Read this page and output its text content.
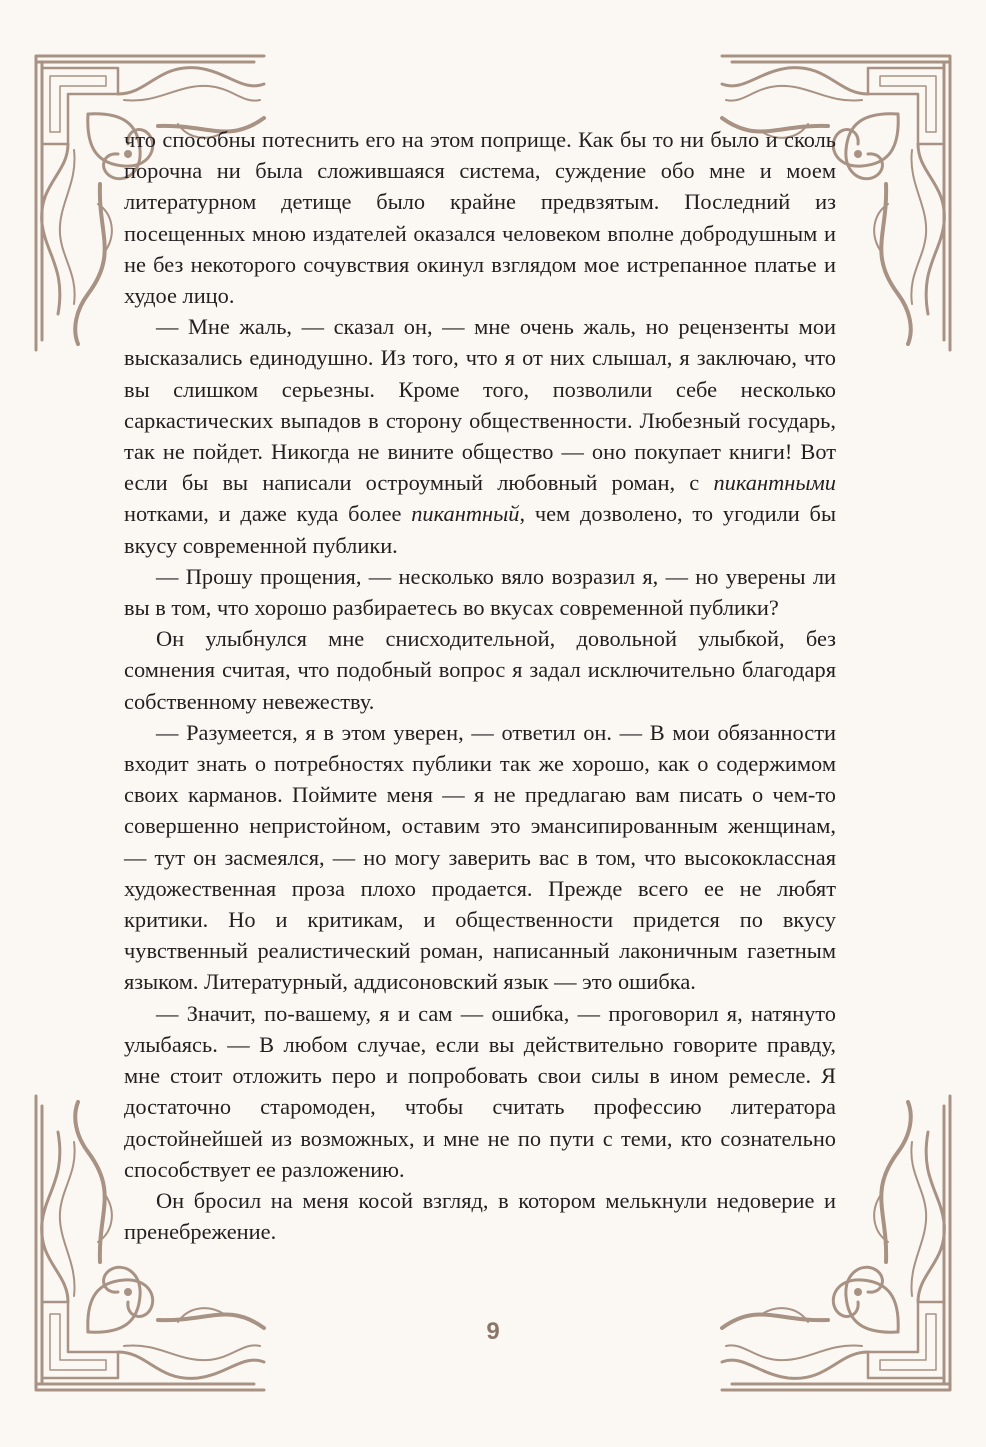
что способны потеснить его на этом поприще. Как бы то ни было и сколь порочна ни была сложившаяся система, суждение обо мне и моем литературном детище было крайне предвзятым. Последний из посещенных мною издателей оказался человеком вполне добродушным и не без некоторого сочувствия окинул взглядом мое истрепанное платье и худое лицо.

— Мне жаль, — сказал он, — мне очень жаль, но рецензенты мои высказались единодушно. Из того, что я от них слышал, я заключаю, что вы слишком серьезны. Кроме того, позволили себе несколько саркастических выпадов в сторону общественности. Любезный государь, так не пойдет. Никогда не вините общество — оно покупает книги! Вот если бы вы написали остроумный любовный роман, с пикантными нотками, и даже куда более пикантный, чем дозволено, то угодили бы вкусу современной публики.

— Прошу прощения, — несколько вяло возразил я, — но уверены ли вы в том, что хорошо разбираетесь во вкусах современной публики?

Он улыбнулся мне снисходительной, довольной улыбкой, без сомнения считая, что подобный вопрос я задал исключительно благодаря собственному невежеству.

— Разумеется, я в этом уверен, — ответил он. — В мои обязанности входит знать о потребностях публики так же хорошо, как о содержимом своих карманов. Поймите меня — я не предлагаю вам писать о чем-то совершенно непристойном, оставим это эмансипированным женщинам, — тут он засмеялся, — но могу заверить вас в том, что высококлассная художественная проза плохо продается. Прежде всего ее не любят критики. Но и критикам, и общественности придется по вкусу чувственный реалистический роман, написанный лаконичным газетным языком. Литературный, аддисоновский язык — это ошибка.

— Значит, по-вашему, я и сам — ошибка, — проговорил я, натянуто улыбаясь. — В любом случае, если вы действительно говорите правду, мне стоит отложить перо и попробовать свои силы в ином ремесле. Я достаточно старомоден, чтобы считать профессию литератора достойнейшей из возможных, и мне не по пути с теми, кто сознательно способствует ее разложению.

Он бросил на меня косой взгляд, в котором мелькнули недоверие и пренебрежение.

9
